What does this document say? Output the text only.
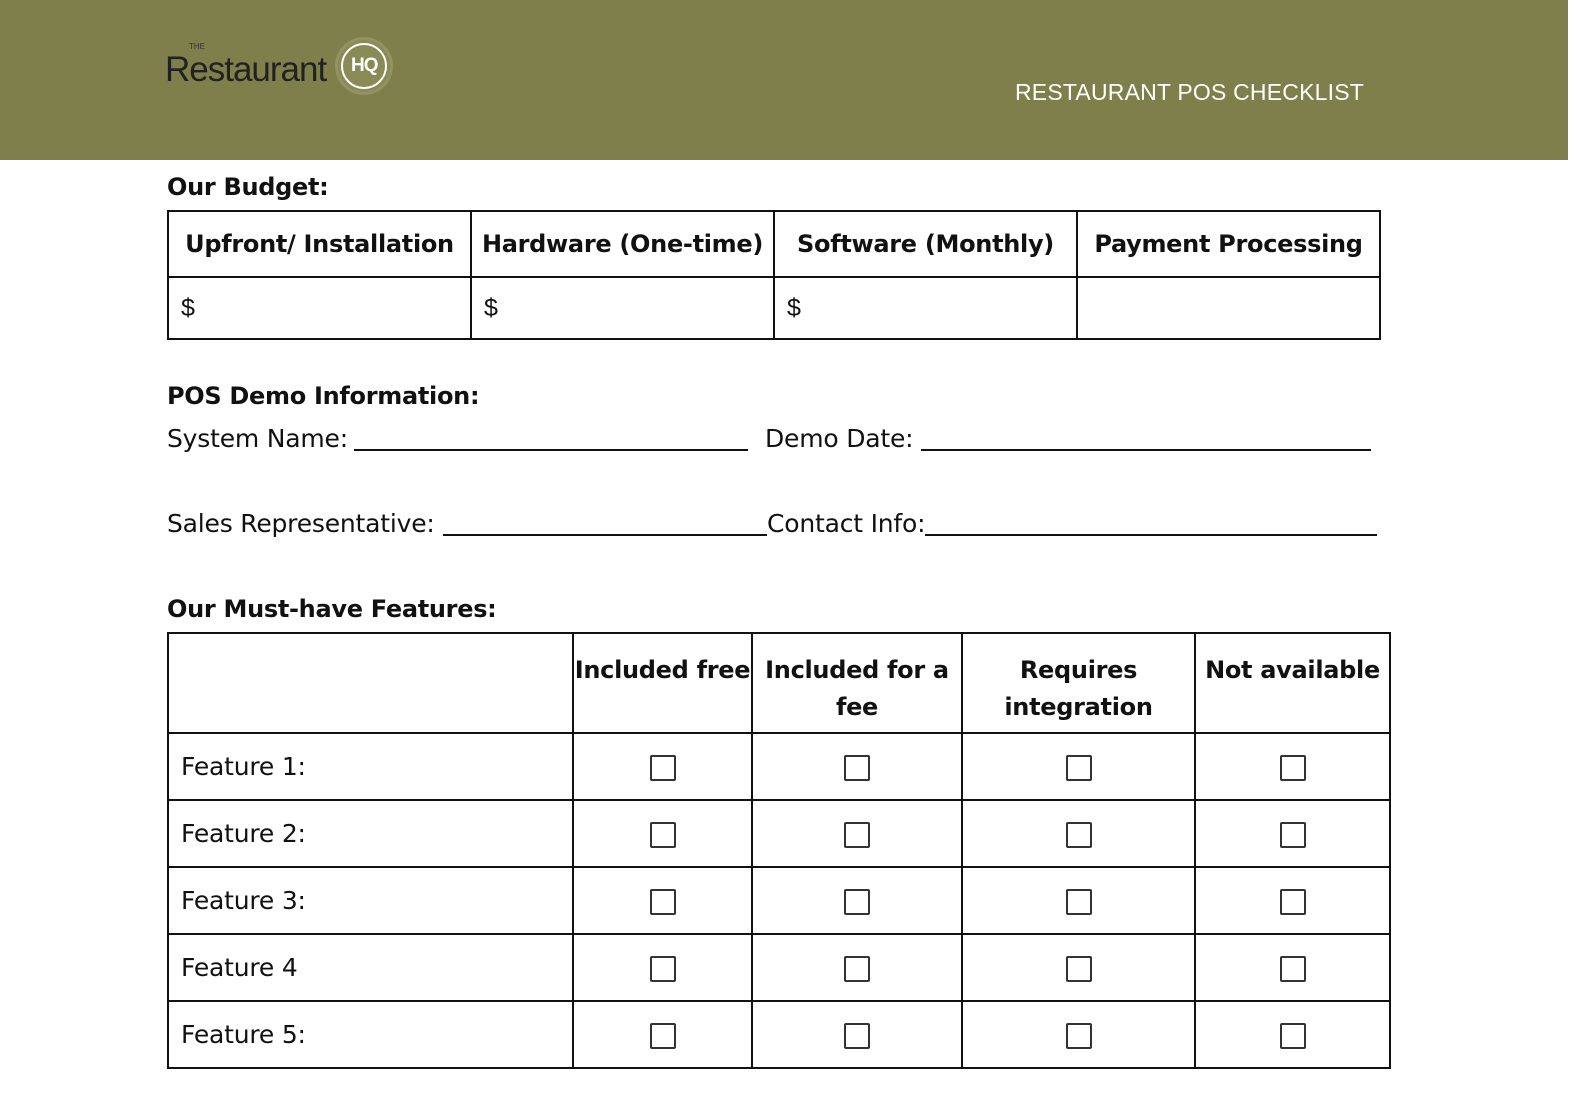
THE
Restaurant	HQ
RESTAURANT POS CHECKLIST
Our Budget:
Upfront/ Installation	Hardware (One-time)	Software (Monthly)	Payment Processing
$	$	$	
POS Demo Information:
System Name:	Demo Date:
Sales Representative:	Contact Info:
Our Must-have Features:
	Included free	Included for a fee	Requires integration	Not available
Feature 1:				
Feature 2:				
Feature 3:				
Feature 4				
Feature 5:				
